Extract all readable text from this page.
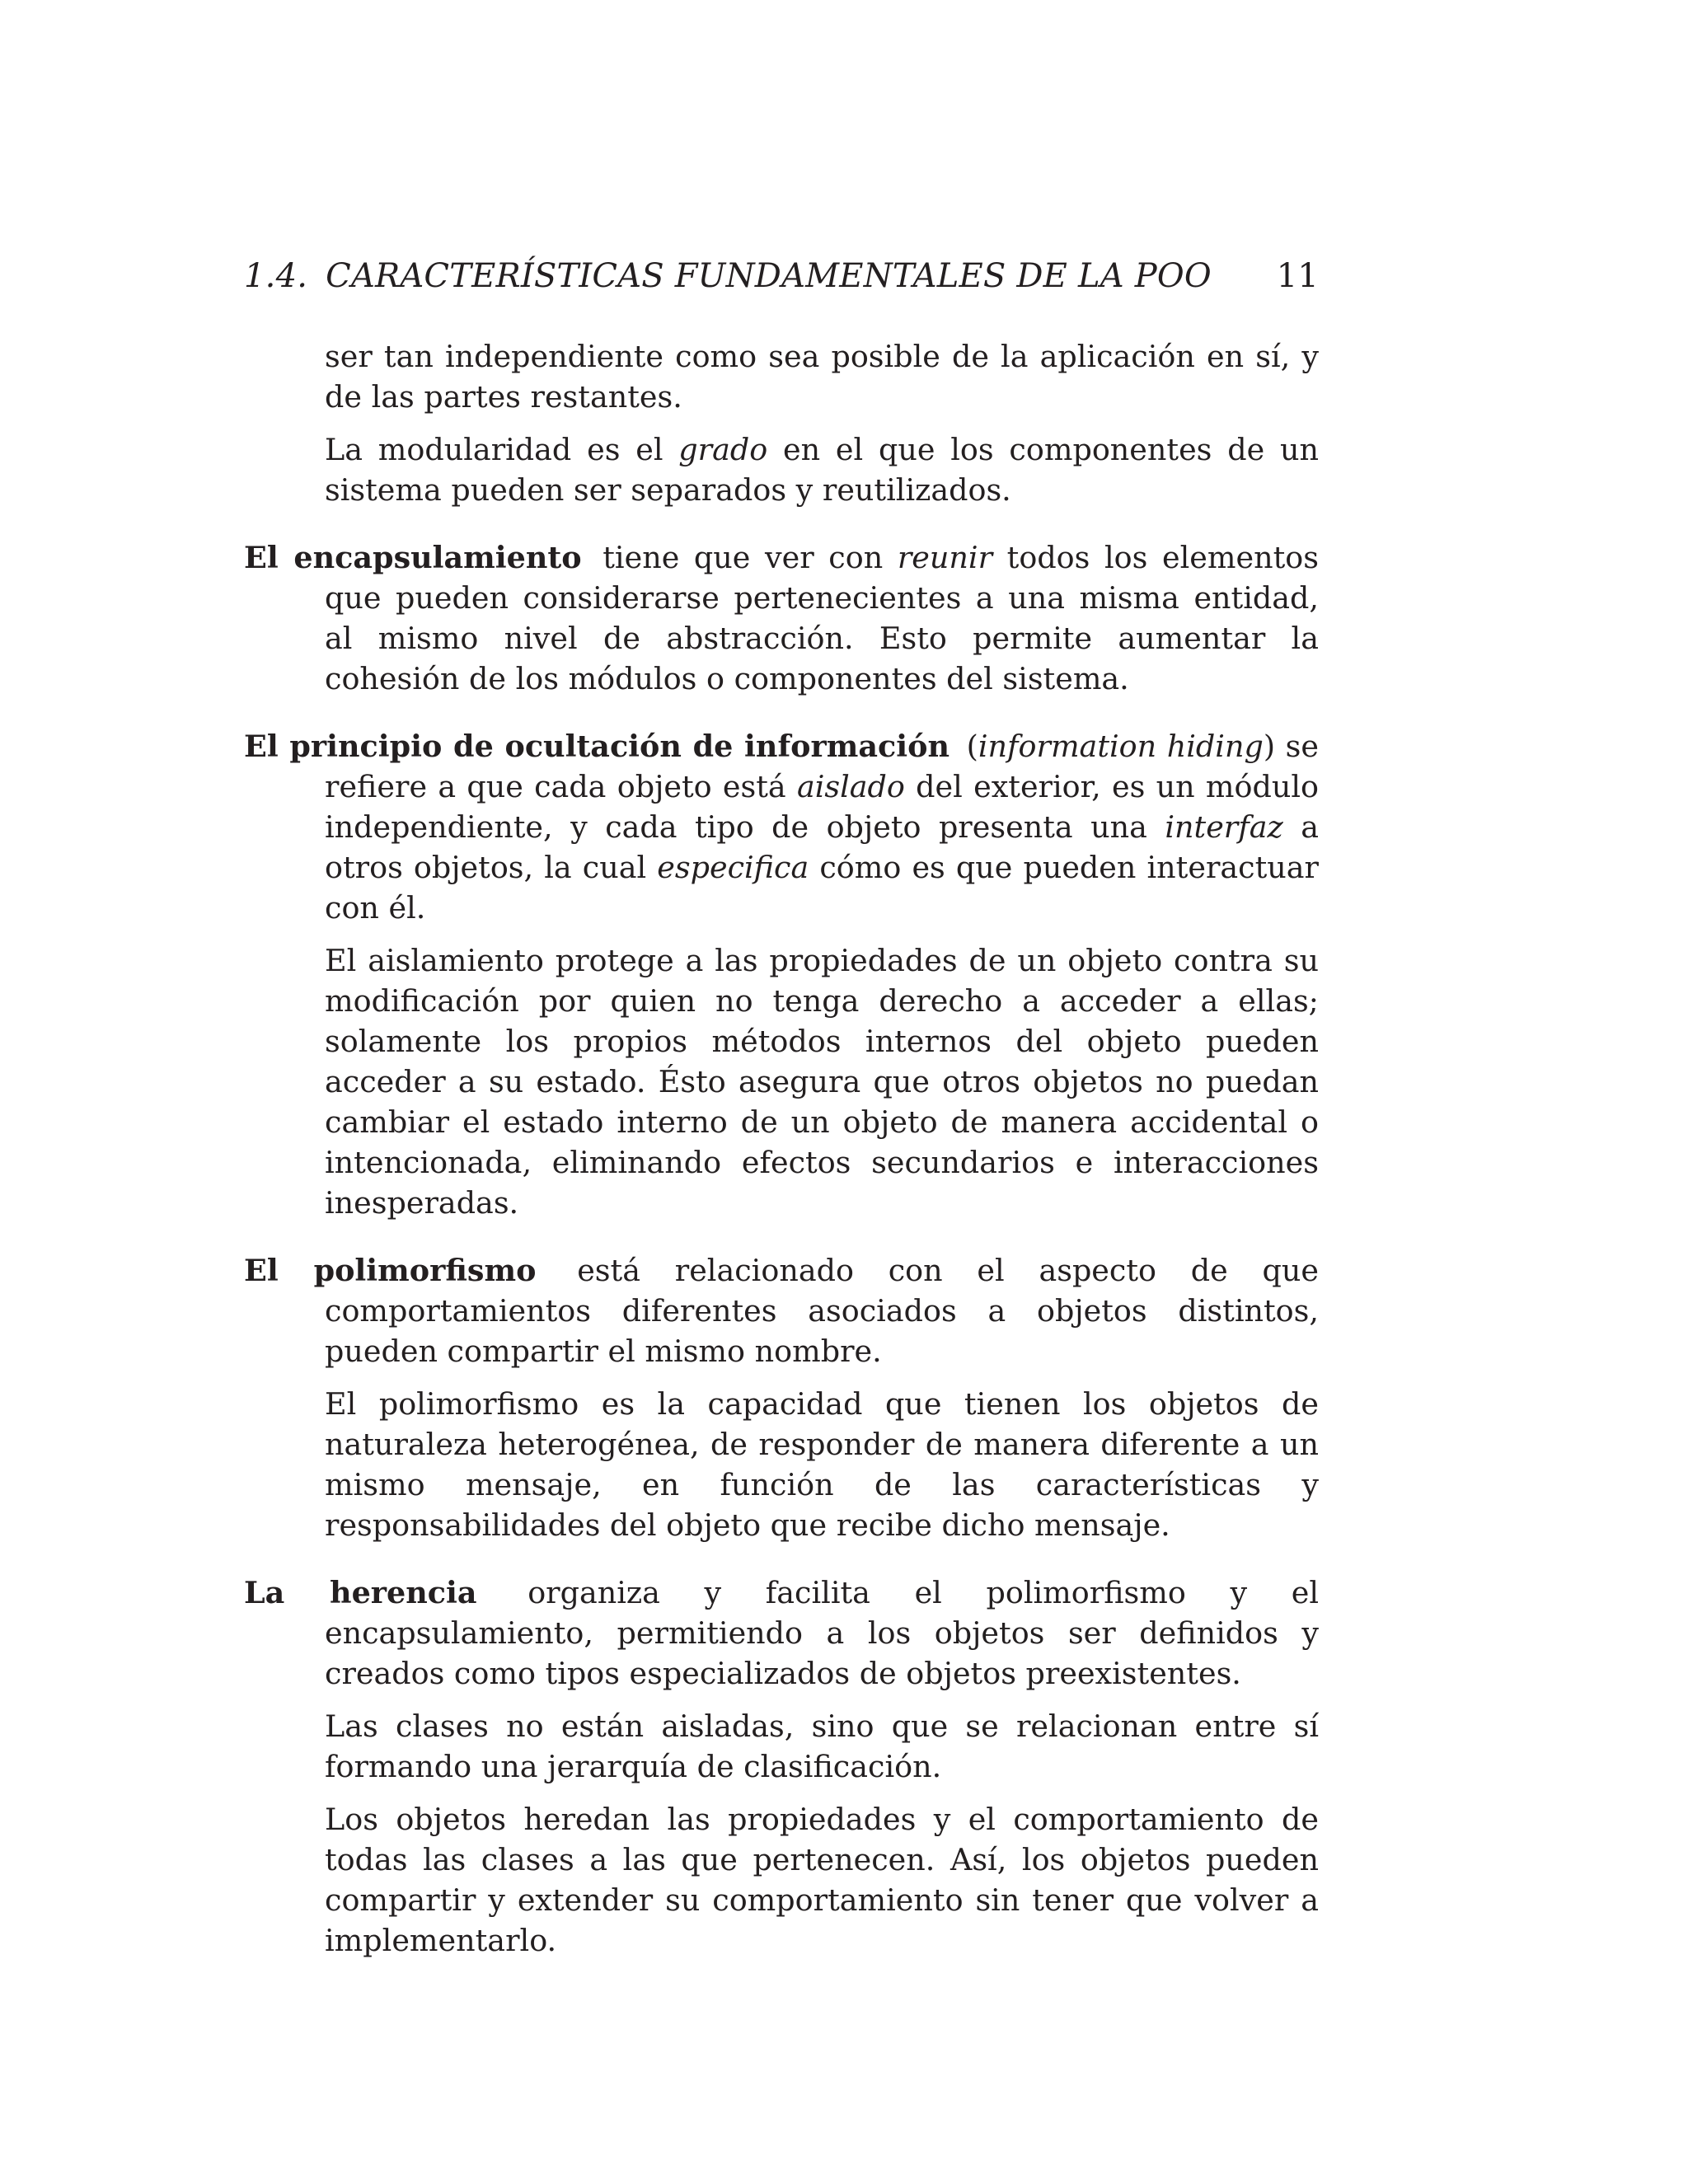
1.4. CARACTERÍSTICAS FUNDAMENTALES DE LA POO 11

ser tan independiente como sea posible de la aplicación en sí, y de las partes restantes.

La modularidad es el grado en el que los componentes de un sistema pueden ser separados y reutilizados.

El encapsulamiento tiene que ver con reunir todos los elementos que pueden considerarse pertenecientes a una misma entidad, al mismo nivel de abstracción. Esto permite aumentar la cohesión de los módulos o componentes del sistema.

El principio de ocultación de información (information hiding) se refiere a que cada objeto está aislado del exterior, es un módulo independiente, y cada tipo de objeto presenta una interfaz a otros objetos, la cual especifica cómo es que pueden interactuar con él.

El aislamiento protege a las propiedades de un objeto contra su modificación por quien no tenga derecho a acceder a ellas; solamente los propios métodos internos del objeto pueden acceder a su estado. Ésto asegura que otros objetos no puedan cambiar el estado interno de un objeto de manera accidental o intencionada, eliminando efectos secundarios e interacciones inesperadas.

El polimorfismo está relacionado con el aspecto de que comportamientos diferentes asociados a objetos distintos, pueden compartir el mismo nombre.

El polimorfismo es la capacidad que tienen los objetos de naturaleza heterogénea, de responder de manera diferente a un mismo mensaje, en función de las características y responsabilidades del objeto que recibe dicho mensaje.

La herencia organiza y facilita el polimorfismo y el encapsulamiento, permitiendo a los objetos ser definidos y creados como tipos especializados de objetos preexistentes.

Las clases no están aisladas, sino que se relacionan entre sí formando una jerarquía de clasificación.

Los objetos heredan las propiedades y el comportamiento de todas las clases a las que pertenecen. Así, los objetos pueden compartir y extender su comportamiento sin tener que volver a implementarlo.
